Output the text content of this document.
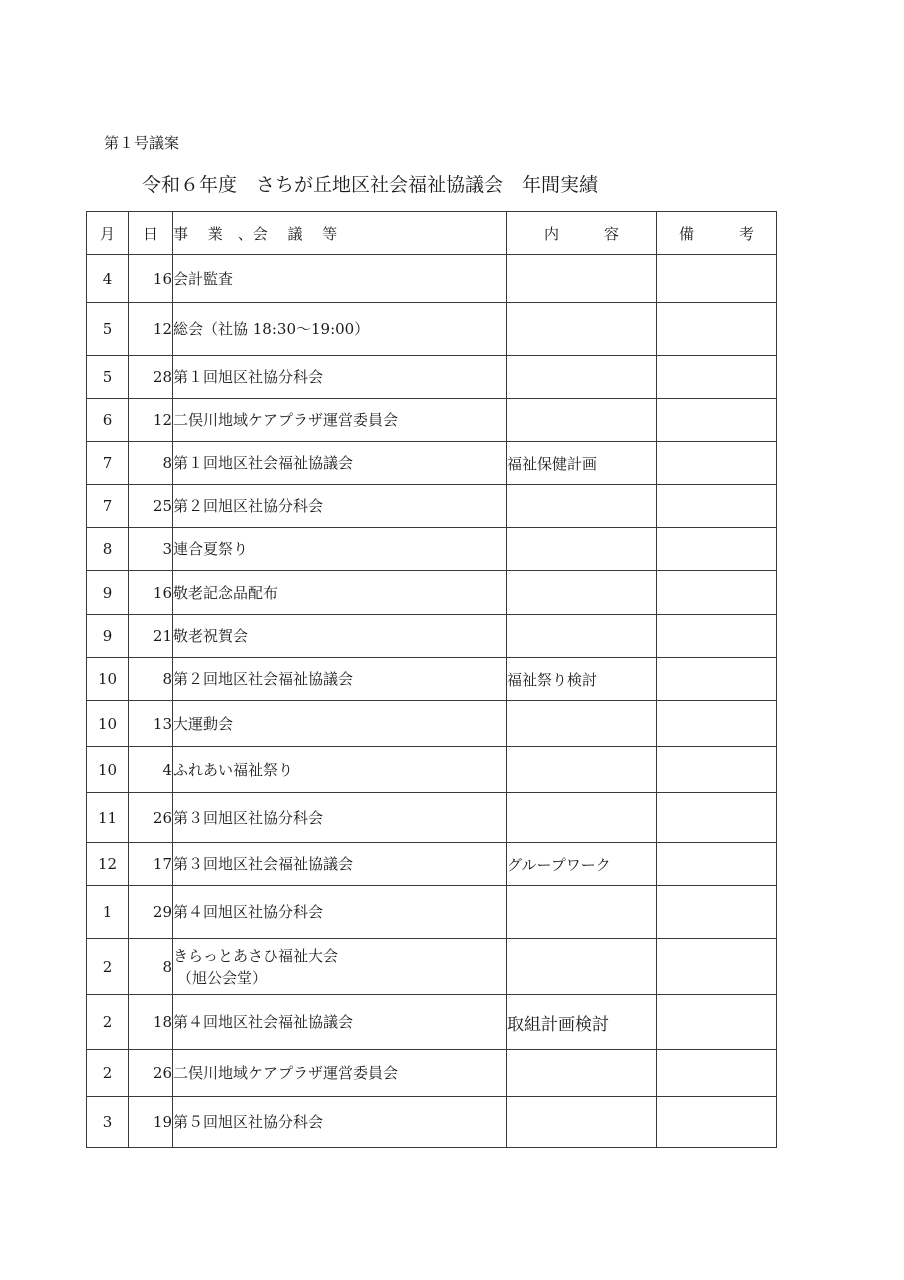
第１号議案
令和６年度　さちが丘地区社会福祉協議会　年間実績
月	日	事　 業　、会　 議　 等	内　　　容	備　　　考
4	16	会計監査		

5	12	総会（社協 18:30〜19:00）		

5	28	第１回旭区社協分科会		

6	12	二俣川地域ケアプラザ運営委員会		

7	8	第１回地区社会福祉協議会	福祉保健計画	
7	25	第２回旭区社協分科会		

8	3	連合夏祭り		

9	16	敬老記念品配布		

9	21	敬老祝賀会		

10	8	第２回地区社会福祉協議会	福祉祭り検討	
10	13	大運動会		

10	4	ふれあい福祉祭り		

11	26	第３回旭区社協分科会		

12	17	第３回地区社会福祉協議会	グループワーク	
1	29	第４回旭区社協分科会		

2	8	きらっとあさひ福祉大会
（旭公会堂）		

2	18	第４回地区社会福祉協議会	取組計画検討	
2	26	二俣川地域ケアプラザ運営委員会		

3	19	第５回旭区社協分科会		
